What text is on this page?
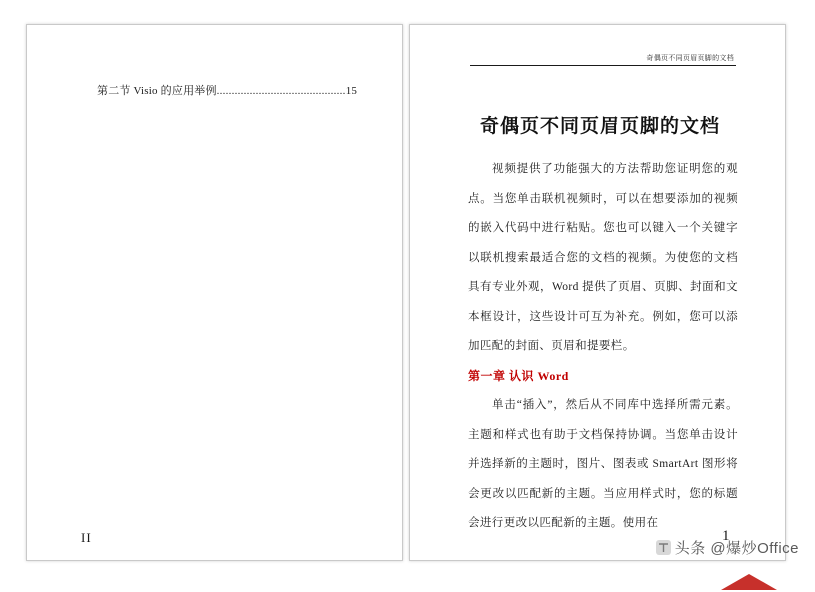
第二节 Visio 的应用举例...........................................15
II
奇偶页不同页眉页脚的文档
奇偶页不同页眉页脚的文档

视频提供了功能强大的方法帮助您证明您的观点。当您单击联机视频时，可以在想要添加的视频的嵌入代码中进行粘贴。您也可以键入一个关键字以联机搜索最适合您的文档的视频。为使您的文档具有专业外观，Word 提供了页眉、页脚、封面和文本框设计，这些设计可互为补充。例如，您可以添加匹配的封面、页眉和提要栏。

第一章 认识 Word

单击“插入”，然后从不同库中选择所需元素。主题和样式也有助于文档保持协调。当您单击设计并选择新的主题时，图片、图表或 SmartArt 图形将会更改以匹配新的主题。当应用样式时，您的标题会进行更改以匹配新的主题。使用在

1
头条 @爆炒Office
